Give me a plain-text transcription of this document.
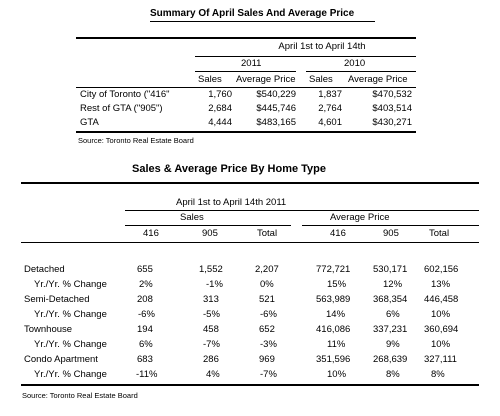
Summary Of April Sales And Average Price
April 1st to April 14th
2011	2010
Sales Average Price Sales Average Price
City of Toronto ("416"	1,760	$540,229	1,837	$470,532
Rest of GTA ("905")	2,684	$445,746	2,764	$403,514
GTA	4,444	$483,165	4,601	$430,271
Source: Toronto Real Estate Board
Sales & Average Price By Home Type
April 1st to April 14th 2011
Sales	Average Price
416	905	Total	416	905	Total
Detached	655	1,552	2,207	772,721 530,171 602,156
Yr./Yr. % Change	2%	-1%	0%	15%	12%	13%
Semi-Detached	208	313	521	563,989 368,354 446,458
Yr./Yr. % Change	-6%	-5%	-6%	14%	6%	10%
Townhouse	194	458	652	416,086 337,231 360,694
Yr./Yr. % Change	6%	-7%	-3%	11%	9%	10%
Condo Apartment	683	286	969	351,596 268,639 327,111
Yr./Yr. % Change	-11%	4%	-7%	10%	8%	8%
Source: Toronto Real Estate Board
